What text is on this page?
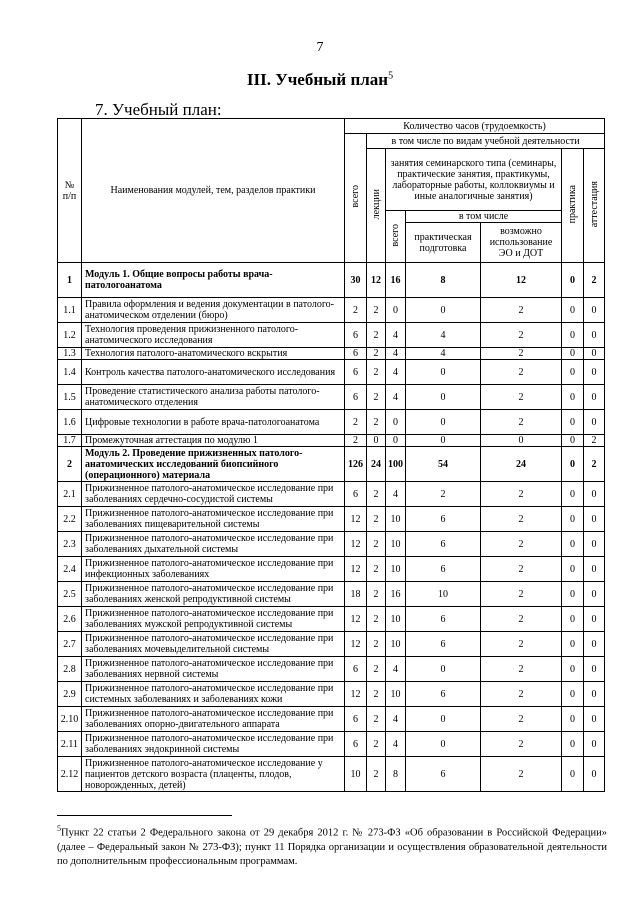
7
III. Учебный план$^5$
7. Учебный план:
№ п/п	Наименования модулей, тем, разделов практики	Количество часов (трудоемкость)						
		всего	в том числе по видам учебной деятельности					
			лекции	занятия семинарского типа (семинары, практические занятия, практикумы, лабораторные работы, коллоквиумы и иные аналогичные занятия)			практика	аттестация
				всего	в том числе			
					практическая подготовка	возможно использование ЭО и ДОТ		
1	Модуль 1. Общие вопросы работы врача-патологоанатома	30	12	16	8	12	0	2
1.1	Правила оформления и ведения документации в патолого-анатомическом отделении (бюро)	2	2	0	0	2	0	0
1.2	Технология проведения прижизненного патолого-анатомического исследования	6	2	4	4	2	0	0
1.3	Технология патолого-анатомического вскрытия	6	2	4	4	2	0	0
1.4	Контроль качества патолого-анатомического исследования	6	2	4	0	2	0	0
1.5	Проведение статистического анализа работы патолого-анатомического отделения	6	2	4	0	2	0	0
1.6	Цифровые технологии в работе врача-патологоанатома	2	2	0	0	2	0	0
1.7	Промежуточная аттестация по модулю 1	2	0	0	0	0	0	2
2	Модуль 2. Проведение прижизненных патолого-анатомических исследований биопсийного (операционного) материала	126	24	100	54	24	0	2
2.1	Прижизненное патолого-анатомическое исследование при заболеваниях сердечно-сосудистой системы	6	2	4	2	2	0	0
2.2	Прижизненное патолого-анатомическое исследование при заболеваниях пищеварительной системы	12	2	10	6	2	0	0
2.3	Прижизненное патолого-анатомическое исследование при заболеваниях дыхательной системы	12	2	10	6	2	0	0
2.4	Прижизненное патолого-анатомическое исследование при инфекционных заболеваниях	12	2	10	6	2	0	0
2.5	Прижизненное патолого-анатомическое исследование при заболеваниях женской репродуктивной системы	18	2	16	10	2	0	0
2.6	Прижизненное патолого-анатомическое исследование при заболеваниях мужской репродуктивной системы	12	2	10	6	2	0	0
2.7	Прижизненное патолого-анатомическое исследование при заболеваниях мочевыделительной системы	12	2	10	6	2	0	0
2.8	Прижизненное патолого-анатомическое исследование при заболеваниях нервной системы	6	2	4	0	2	0	0
2.9	Прижизненное патолого-анатомическое исследование при системных заболеваниях и заболеваниях кожи	12	2	10	6	2	0	0
2.10	Прижизненное патолого-анатомическое исследование при заболеваниях опорно-двигательного аппарата	6	2	4	0	2	0	0
2.11	Прижизненное патолого-анатомическое исследование при заболеваниях эндокринной системы	6	2	4	0	2	0	0
2.12	Прижизненное патолого-анатомическое исследование у пациентов детского возраста (плаценты, плодов, новорожденных, детей)	10	2	8	6	2	0	0
$^5$Пункт 22 статьи 2 Федерального закона от 29 декабря 2012 г. № 273-ФЗ «Об образовании в Российской Федерации» (далее – Федеральный закон № 273-ФЗ); пункт 11 Порядка организации и осуществления образовательной деятельности по дополнительным профессиональным программам.
